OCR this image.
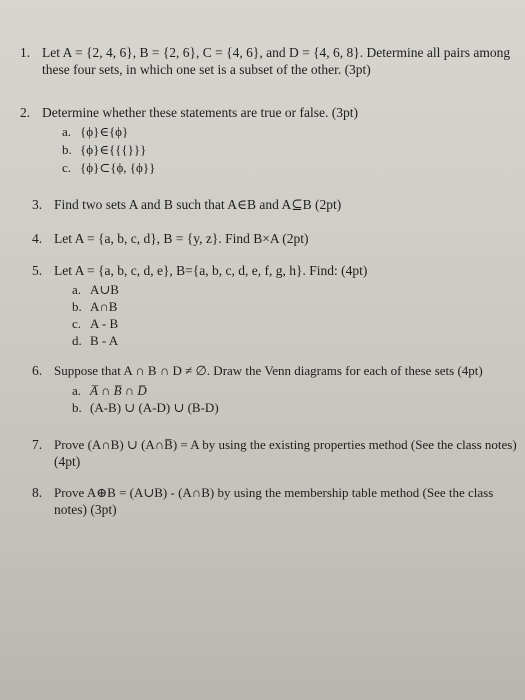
1. Let A = {2, 4, 6}, B = {2, 6}, C = {4, 6}, and D = {4, 6, 8}. Determine all pairs among
these four sets, in which one set is a subset of the other. (3pt)
2. Determine whether these statements are true or false. (3pt)
a. {ϕ}∈{ϕ}
b. {ϕ}∈{{{}}}
c. {ϕ}⊂{ϕ, {ϕ}}
3. Find two sets A and B such that A∈B and A⊆B (2pt)
4. Let A = {a, b, c, d}, B = {y, z}. Find B×A (2pt)
5. Let A = {a, b, c, d, e}, B={a, b, c, d, e, f, g, h}. Find: (4pt)
a. A∪B
b. A∩B
c. A - B
d. B - A
6. Suppose that A ∩ B ∩ D ≠ ∅. Draw the Venn diagrams for each of these sets (4pt)
a. A̅ ∩ B̅ ∩ D̅
b. (A-B) ∪ (A-D) ∪ (B-D)
7. Prove (A∩B) ∪ (A∩B̅) = A by using the existing properties method (See the class notes)
(4pt)
8. Prove A⊕B = (A∪B) - (A∩B) by using the membership table method (See the class
notes) (3pt)
